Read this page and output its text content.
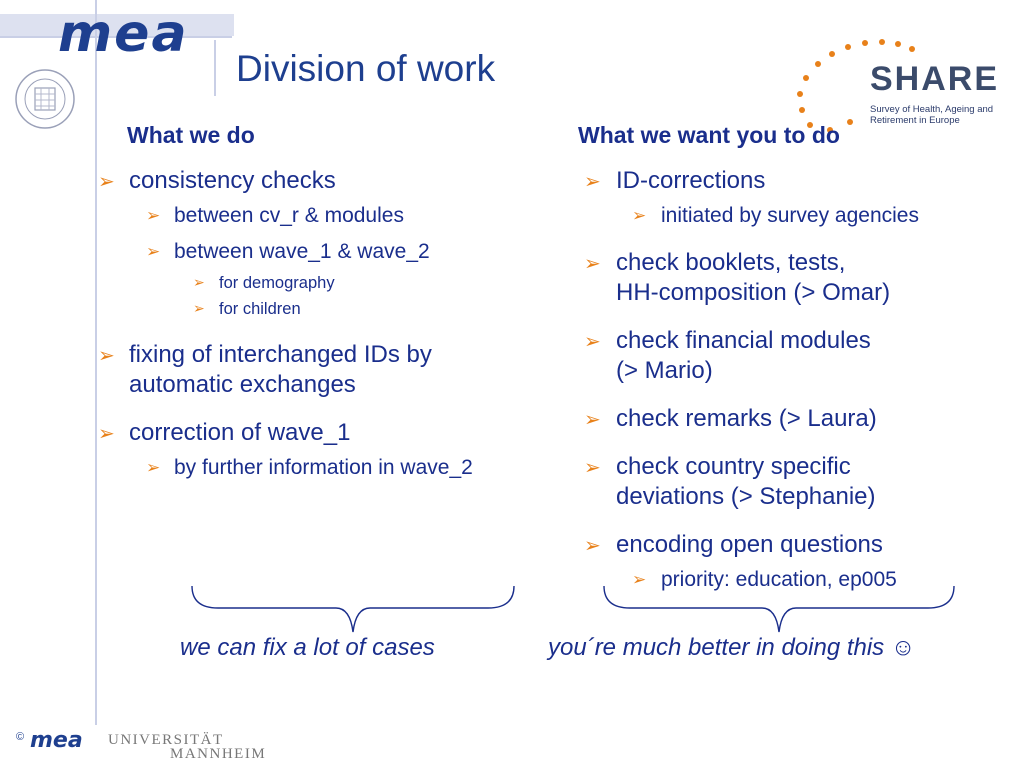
mea
Division of work	SHARE
Survey of Health, Ageing and Retirement in Europe
What we do
➢ consistency checks
➢ between cv_r & modules
➢ between wave_1 & wave_2
➢ for demography
➢ for children
➢ fixing of interchanged IDs by automatic exchanges
➢ correction of wave_1
➢ by further information in wave_2
What we want you to do
➢ ID-corrections
➢ initiated by survey agencies
➢ check booklets, tests,
HH-composition (> Omar)
➢ check financial modules
(> Mario)
➢ check remarks (> Laura)
➢ check country specific
deviations (> Stephanie)
➢ encoding open questions
➢ priority: education, ep005
we can fix a lot of cases	you´re much better in doing this ☺
© mea UNIVERSITÄT
MANNHEIM
